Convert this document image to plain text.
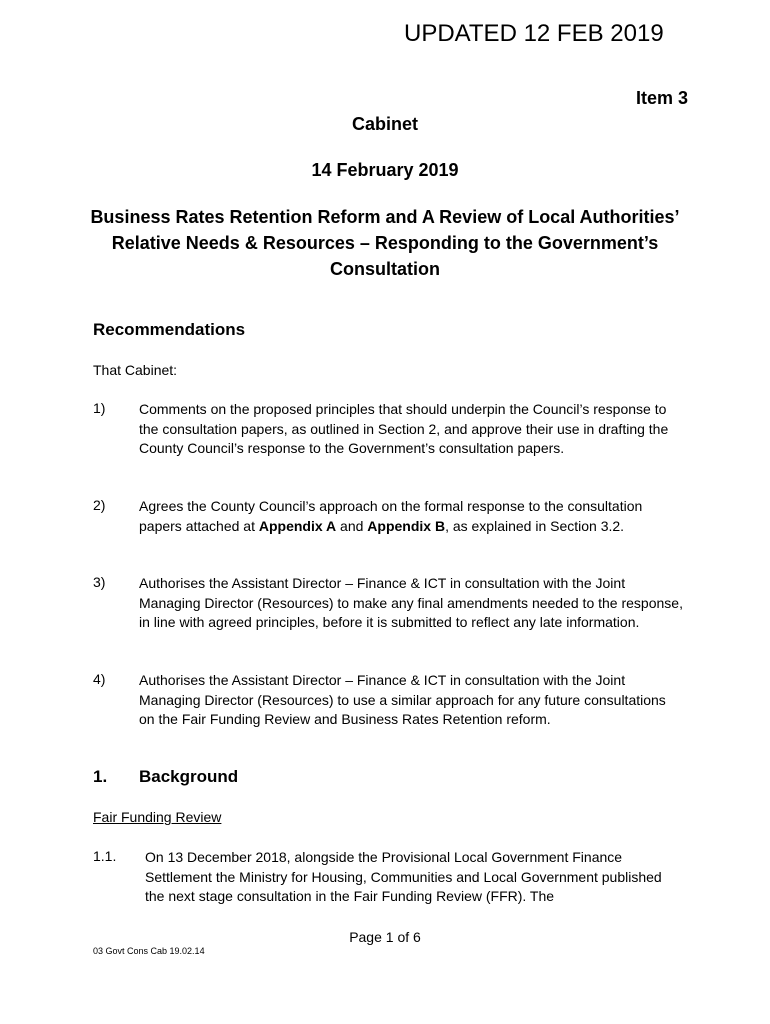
UPDATED 12 FEB 2019
Item 3
Cabinet
14 February 2019
Business Rates Retention Reform and A Review of Local Authorities’ Relative Needs & Resources – Responding to the Government’s Consultation
Recommendations
That Cabinet:
1) Comments on the proposed principles that should underpin the Council’s response to the consultation papers, as outlined in Section 2, and approve their use in drafting the County Council’s response to the Government’s consultation papers.
2) Agrees the County Council’s approach on the formal response to the consultation papers attached at Appendix A and Appendix B, as explained in Section 3.2.
3) Authorises the Assistant Director – Finance & ICT in consultation with the Joint Managing Director (Resources) to make any final amendments needed to the response, in line with agreed principles, before it is submitted to reflect any late information.
4) Authorises the Assistant Director – Finance & ICT in consultation with the Joint Managing Director (Resources) to use a similar approach for any future consultations on the Fair Funding Review and Business Rates Retention reform.
1. Background
Fair Funding Review
1.1. On 13 December 2018, alongside the Provisional Local Government Finance Settlement the Ministry for Housing, Communities and Local Government published the next stage consultation in the Fair Funding Review (FFR). The
Page 1 of 6
03 Govt Cons Cab 19.02.14
